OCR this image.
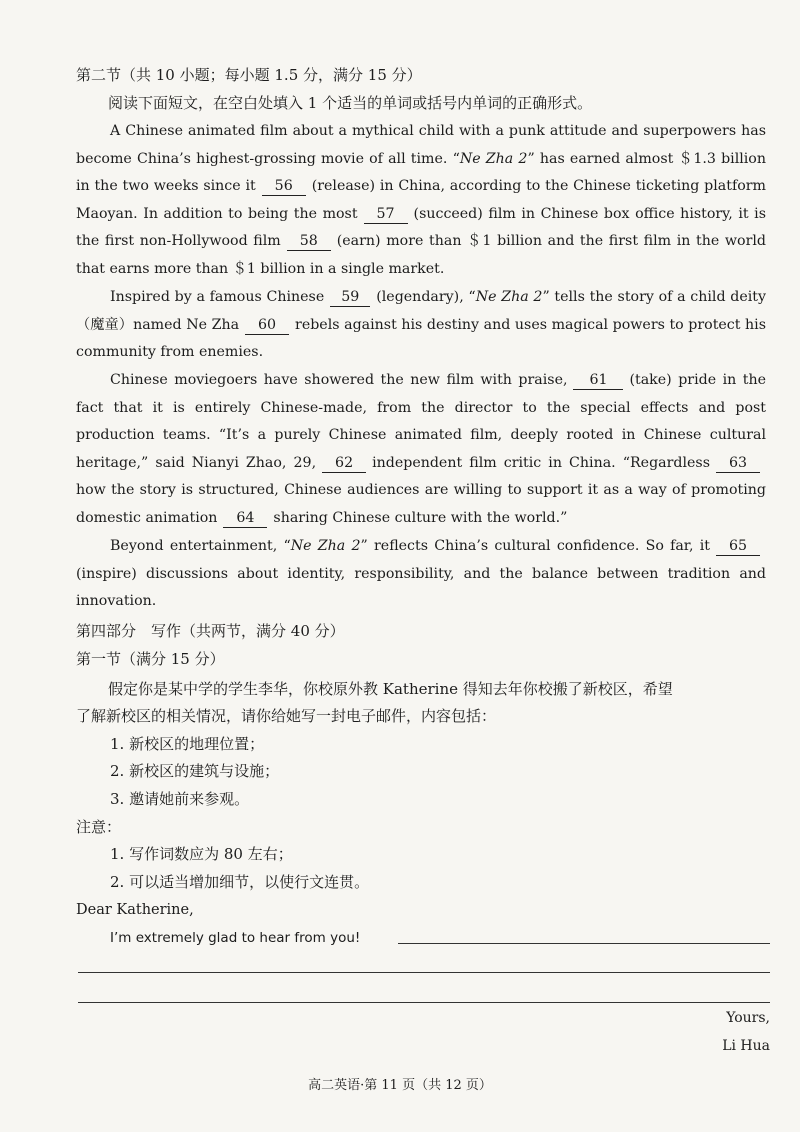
第二节（共 10 小题；每小题 1.5 分，满分 15 分）
阅读下面短文，在空白处填入 1 个适当的单词或括号内单词的正确形式。
A Chinese animated film about a mythical child with a punk attitude and superpowers has become China’s highest-grossing movie of all time. “Ne Zha 2” has earned almost ＄1.3 billion in the two weeks since it 56 (release) in China, according to the Chinese ticketing platform Maoyan. In addition to being the most 57 (succeed) film in Chinese box office history, it is the first non-Hollywood film 58 (earn) more than ＄1 billion and the first film in the world that earns more than ＄1 billion in a single market.
Inspired by a famous Chinese 59 (legendary), “Ne Zha 2” tells the story of a child deity（魔童）named Ne Zha 60 rebels against his destiny and uses magical powers to protect his community from enemies.
Chinese moviegoers have showered the new film with praise, 61 (take) pride in the fact that it is entirely Chinese-made, from the director to the special effects and post production teams. “It’s a purely Chinese animated film, deeply rooted in Chinese cultural heritage,” said Nianyi Zhao, 29, 62 independent film critic in China. “Regardless 63how the story is structured, Chinese audiences are willing to support it as a way of promoting domestic animation 64 sharing Chinese culture with the world.”
Beyond entertainment, “Ne Zha 2” reflects China’s cultural confidence. So far, it 65(inspire) discussions about identity, responsibility, and the balance between tradition and innovation.
第四部分　写作（共两节，满分 40 分）
第一节（满分 15 分）
假定你是某中学的学生李华，你校原外教 Katherine 得知去年你校搬了新校区，希望
了解新校区的相关情况，请你给她写一封电子邮件，内容包括：
1. 新校区的地理位置；
2. 新校区的建筑与设施；
3. 邀请她前来参观。
注意：
1. 写作词数应为 80 左右；
2. 可以适当增加细节，以使行文连贯。
Dear Katherine,
I’m extremely glad to hear from you!
Yours,
Li Hua
高二英语·第 11 页（共 12 页）
